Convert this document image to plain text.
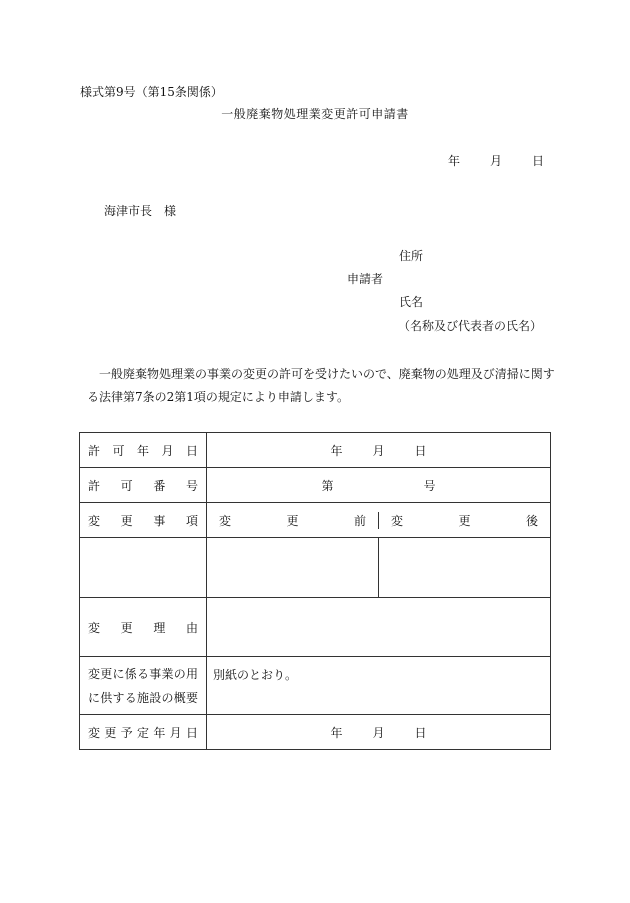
様式第9号（第15条関係）
一般廃棄物処理業変更許可申請書
年	月	日
海津市長　様
住所
申請者
氏名
（名称及び代表者の氏名）
　一般廃棄物処理業の事業の変更の許可を受けたいので、廃棄物の処理及び清掃に関する法律第7条の2第1項の規定により申請します。
許可年月日	年 月 日

許可番号	第 号

変更事項	変更前 変更後

変更理由	

変更に係る事業の用
に供する施設の概要	別紙のとおり。

変更予定年月日	年 月 日
